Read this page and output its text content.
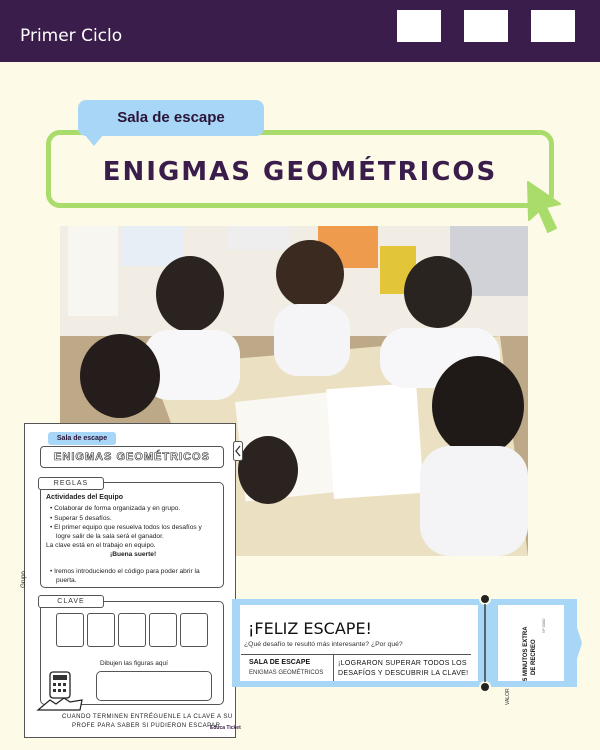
Primer Ciclo
ENIGMAS GEOMÉTRICOS
Sala de escape
Sala de escape
ENIGMAS GEOMÉTRICOS
REGLAS
Actividades del Equipo
• Colaborar de forma organizada y en grupo.
• Superar 5 desafíos.
• El primer equipo que resuelva todos los desafíos y
logre salir de la sala será el ganador.
La clave está en el trabajo en equipo.
¡Buena suerte!
• Iremos introduciendo el código para poder abrir la
puerta.
Grupo
CLAVE
Dibujen las figuras aquí
CUANDO TERMINEN ENTRÉGUENLE LA CLAVE A SU
PROFE PARA SABER SI PUDIERON ESCAPAR
Educa Ticket
¡FELIZ ESCAPE!
¿Qué desafío te resultó más interesante? ¿Por qué?
SALA DE ESCAPE
ENIGMAS GEOMÉTRICOS
¡LOGRARON SUPERAR TODOS LOS
DESAFÍOS Y DESCUBRIR LA CLAVE!
VALOR
5 MINUTOS EXTRA DE RECREO
Nº 0000
